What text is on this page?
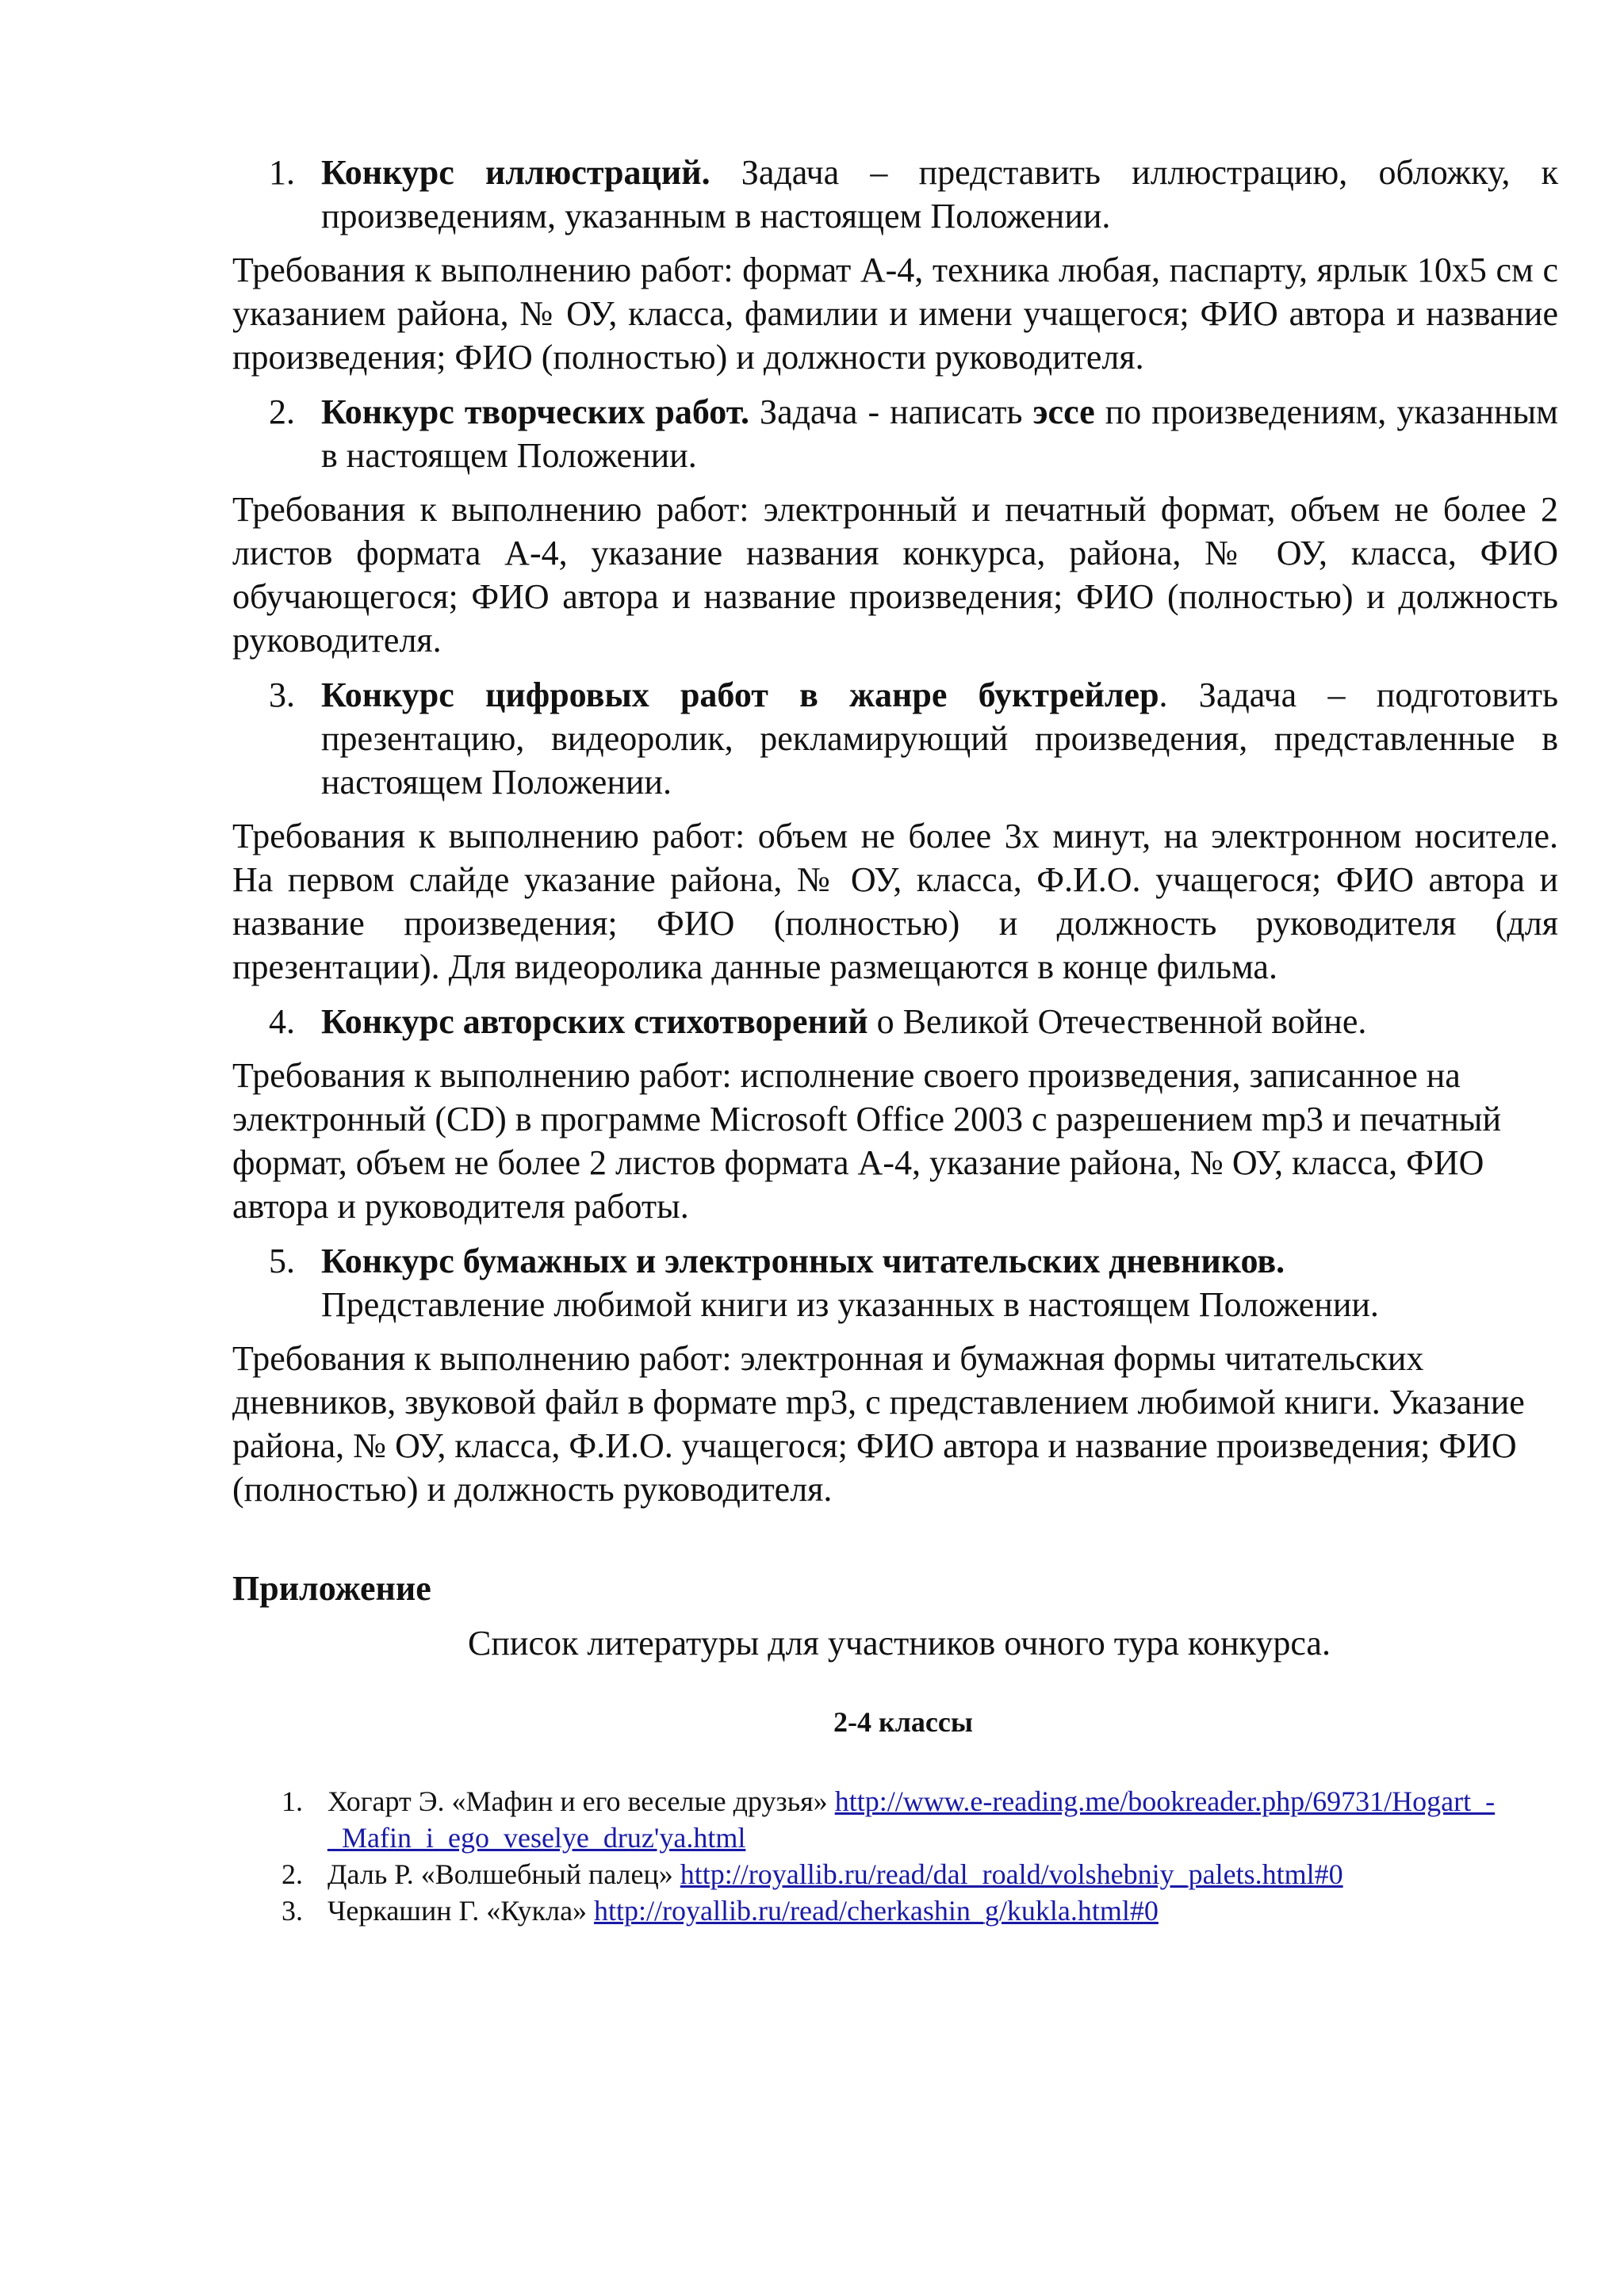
1. Конкурс иллюстраций. Задача – представить иллюстрацию, обложку, к произведениям, указанным в настоящем Положении.
Требования к выполнению работ: формат А-4, техника любая, паспарту, ярлык 10х5 см с указанием района, № ОУ, класса, фамилии и имени учащегося; ФИО автора и название произведения; ФИО (полностью) и должности руководителя.
2. Конкурс творческих работ. Задача - написать эссе по произведениям, указанным в настоящем Положении.
Требования к выполнению работ: электронный и печатный формат, объем не более 2 листов формата А-4, указание названия конкурса, района, № ОУ, класса, ФИО обучающегося; ФИО автора и название произведения; ФИО (полностью) и должность руководителя.
3. Конкурс цифровых работ в жанре буктрейлер. Задача – подготовить презентацию, видеоролик, рекламирующий произведения, представленные в настоящем Положении.
Требования к выполнению работ: объем не более 3х минут, на электронном носителе. На первом слайде указание района, № ОУ, класса, Ф.И.О. учащегося; ФИО автора и название произведения; ФИО (полностью) и должность руководителя (для презентации). Для видеоролика данные размещаются в конце фильма.
4. Конкурс авторских стихотворений о Великой Отечественной войне.
Требования к выполнению работ: исполнение своего произведения, записанное на электронный (CD) в программе Microsoft Office 2003 с разрешением mp3 и печатный формат, объем не более 2 листов формата А-4, указание района, № ОУ, класса, ФИО автора и руководителя работы.
5. Конкурс бумажных и электронных читательских дневников.
Представление любимой книги из указанных в настоящем Положении.
Требования к выполнению работ: электронная и бумажная формы читательских дневников, звуковой файл в формате mp3, с представлением любимой книги. Указание района, № ОУ, класса, Ф.И.О. учащегося; ФИО автора и название произведения; ФИО (полностью) и должность руководителя.
Приложение
Список литературы для участников очного тура конкурса.
2-4 классы
1. Хогарт Э. «Мафин и его веселые друзья» http://www.e-reading.me/bookreader.php/69731/Hogart_-_Mafin_i_ego_veselye_druz'ya.html
2. Даль Р. «Волшебный палец» http://royallib.ru/read/dal_roald/volshebniy_palets.html#0
3. Черкашин Г. «Кукла» http://royallib.ru/read/cherkashin_g/kukla.html#0
